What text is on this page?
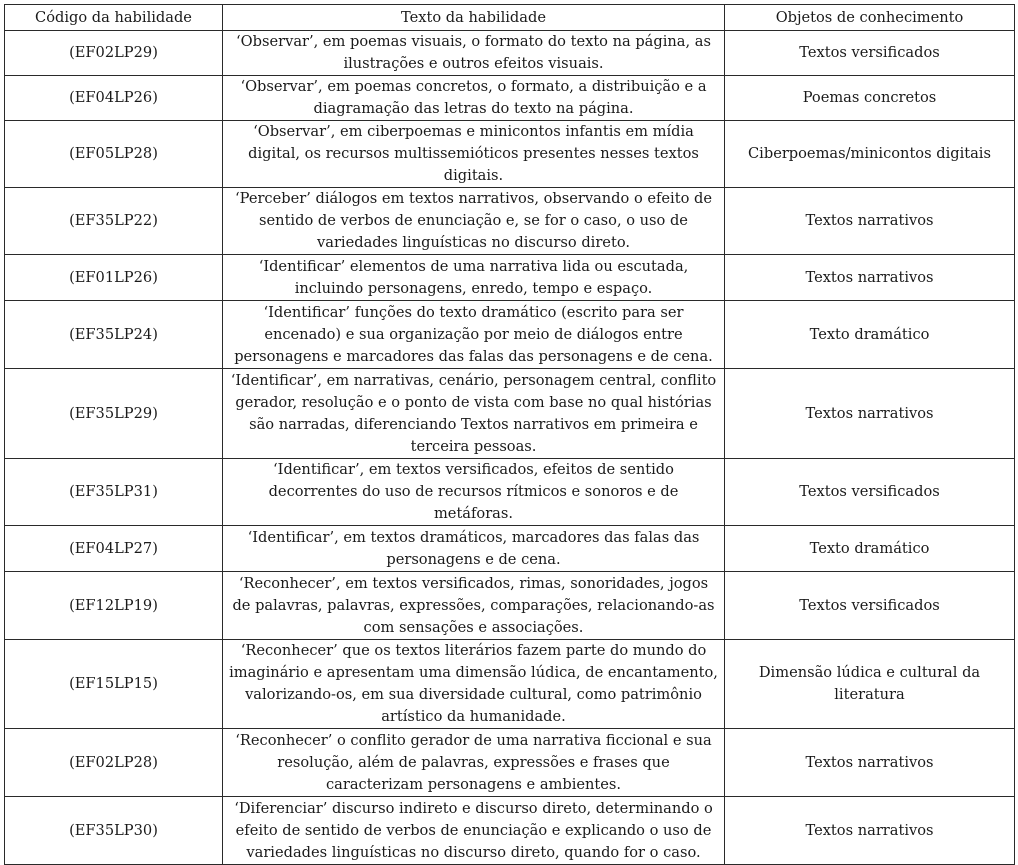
Código da habilidade	Texto da habilidade	Objetos de conhecimento
(EF02LP29)	‘Observar’, em poemas visuais, o formato do texto na página, as ilustrações e outros efeitos visuais.	Textos versificados
(EF04LP26)	‘Observar’, em poemas concretos, o formato, a distribuição e a diagramação das letras do texto na página.	Poemas concretos
(EF05LP28)	‘Observar’, em ciberpoemas e minicontos infantis em mídia digital, os recursos multissemióticos presentes nesses textos digitais.	Ciberpoemas/minicontos digitais
(EF35LP22)	‘Perceber’ diálogos em textos narrativos, observando o efeito de sentido de verbos de enunciação e, se for o caso, o uso de variedades linguísticas no discurso direto.	Textos narrativos
(EF01LP26)	‘Identificar’ elementos de uma narrativa lida ou escutada, incluindo personagens, enredo, tempo e espaço.	Textos narrativos
(EF35LP24)	‘Identificar’ funções do texto dramático (escrito para ser encenado) e sua organização por meio de diálogos entre personagens e marcadores das falas das personagens e de cena.	Texto dramático
(EF35LP29)	‘Identificar’, em narrativas, cenário, personagem central, conflito gerador, resolução e o ponto de vista com base no qual histórias são narradas, diferenciando Textos narrativos em primeira e terceira pessoas.	Textos narrativos
(EF35LP31)	‘Identificar’, em textos versificados, efeitos de sentido decorrentes do uso de recursos rítmicos e sonoros e de metáforas.	Textos versificados
(EF04LP27)	‘Identificar’, em textos dramáticos, marcadores das falas das personagens e de cena.	Texto dramático
(EF12LP19)	‘Reconhecer’, em textos versificados, rimas, sonoridades, jogos de palavras, palavras, expressões, comparações, relacionando-as com sensações e associações.	Textos versificados
(EF15LP15)	‘Reconhecer’ que os textos literários fazem parte do mundo do imaginário e apresentam uma dimensão lúdica, de encantamento, valorizando-os, em sua diversidade cultural, como patrimônio artístico da humanidade.	Dimensão lúdica e cultural da literatura
(EF02LP28)	‘Reconhecer’ o conflito gerador de uma narrativa ficcional e sua resolução, além de palavras, expressões e frases que caracterizam personagens e ambientes.	Textos narrativos
(EF35LP30)	‘Diferenciar’ discurso indireto e discurso direto, determinando o efeito de sentido de verbos de enunciação e explicando o uso de variedades linguísticas no discurso direto, quando for o caso.	Textos narrativos
